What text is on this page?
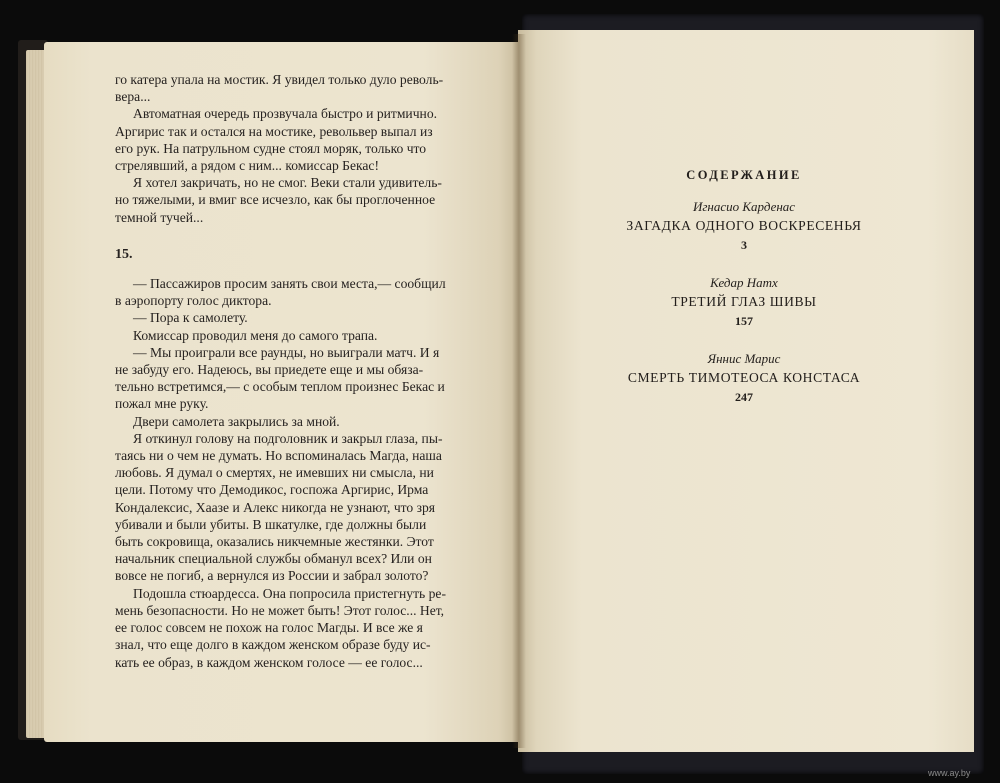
го катера упала на мостик. Я увидел только дуло револь-

вера...

Автоматная очередь прозвучала быстро и ритмично.

Аргирис так и остался на мостике, револьвер выпал из

его рук. На патрульном судне стоял моряк, только что

стрелявший, а рядом с ним... комиссар Бекас!

Я хотел закричать, но не смог. Веки стали удивитель-

но тяжелыми, и вмиг все исчезло, как бы проглоченное

темной тучей...

15.

— Пассажиров просим занять свои места,— сообщил

в аэропорту голос диктора.

— Пора к самолету.

Комиссар проводил меня до самого трапа.

— Мы проиграли все раунды, но выиграли матч. И я

не забуду его. Надеюсь, вы приедете еще и мы обяза-

тельно встретимся,— с особым теплом произнес Бекас и

пожал мне руку.

Двери самолета закрылись за мной.

Я откинул голову на подголовник и закрыл глаза, пы-

таясь ни о чем не думать. Но вспоминалась Магда, наша

любовь. Я думал о смертях, не имевших ни смысла, ни

цели. Потому что Демодикос, госпожа Аргирис, Ирма

Кондалексис, Хаазе и Алекс никогда не узнают, что зря

убивали и были убиты. В шкатулке, где должны были

быть сокровища, оказались никчемные жестянки. Этот

начальник специальной службы обманул всех? Или он

вовсе не погиб, а вернулся из России и забрал золото?

Подошла стюардесса. Она попросила пристегнуть ре-

мень безопасности. Но не может быть! Этот голос... Нет,

ее голос совсем не похож на голос Магды. И все же я

знал, что еще долго в каждом женском образе буду ис-

кать ее образ, в каждом женском голосе — ее голос...

СОДЕРЖАНИЕ
Игнасио Карденас
ЗАГАДКА ОДНОГО ВОСКРЕСЕНЬЯ
3
Кедар Натх
ТРЕТИЙ ГЛАЗ ШИВЫ
157
Яннис Марис
СМЕРТЬ ТИМОТЕОСА КОНСТАСА
247
www.ay.by
